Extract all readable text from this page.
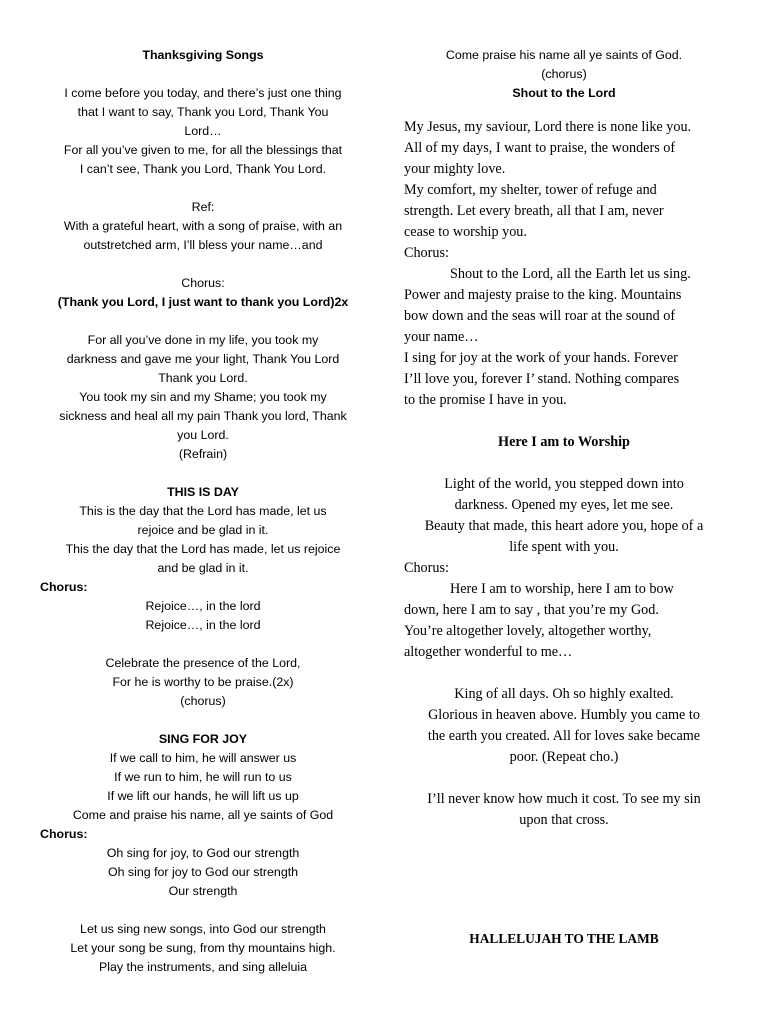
Thanksgiving Songs
I come before you today, and there’s just one thing
that I want to say, Thank you Lord, Thank You
Lord…
For all you’ve given to me, for all the blessings that
I can’t see, Thank you Lord, Thank You Lord.
Ref:
With a grateful heart, with a song of praise, with an
outstretched arm, I’ll bless your name…and
Chorus:
(Thank you Lord, I just want to thank you Lord)2x
For all you’ve done in my life, you took my
darkness and gave me your light, Thank You Lord
Thank you Lord.
You took my sin and my Shame; you took my
sickness and heal all my pain Thank you lord, Thank
you Lord.
(Refrain)
THIS IS DAY
This is the day that the Lord has made, let us
rejoice and be glad in it.
This the day that the Lord has made, let us rejoice
and be glad in it.
Chorus:
Rejoice…, in the lord
Rejoice…, in the lord
Celebrate the presence of the Lord,
For he is worthy to be praise.(2x)
(chorus)
SING FOR JOY
If we call to him, he will answer us
If we run to him, he will run to us
If we lift our hands, he will lift us up
Come and praise his name, all ye saints of God
Chorus:
Oh sing for joy, to God our strength
Oh sing for joy to God our strength
Our strength
Let us sing new songs, into God our strength
Let your song be sung, from thy mountains high.
Play the instruments, and sing alleluia
Come praise his name all ye saints of God.
(chorus)
Shout to the Lord
My Jesus, my saviour, Lord there is none like you.
All of my days, I want to praise, the wonders of
your mighty love.
My comfort, my shelter, tower of refuge and
strength. Let every breath, all that I am, never
cease to worship you.
Chorus:
Shout to the Lord, all the Earth let us sing.
Power and majesty praise to the king. Mountains
bow down and the seas will roar at the sound of
your name…
I sing for joy at the work of your hands. Forever
I’ll love you, forever I’ stand. Nothing compares
to the promise I have in you.
Here I am to Worship
Light of the world, you stepped down into
darkness. Opened my eyes, let me see.
Beauty that made, this heart adore you, hope of a
life spent with you.
Chorus:
Here I am to worship, here I am to bow
down, here I am to say , that you’re my God.
You’re altogether lovely, altogether worthy,
altogether wonderful to me…
King of all days. Oh so highly exalted.
Glorious in heaven above. Humbly you came to
the earth you created. All for loves sake became
poor. (Repeat cho.)
I’ll never know how much it cost. To see my sin
upon that cross.
HALLELUJAH TO THE LAMB
